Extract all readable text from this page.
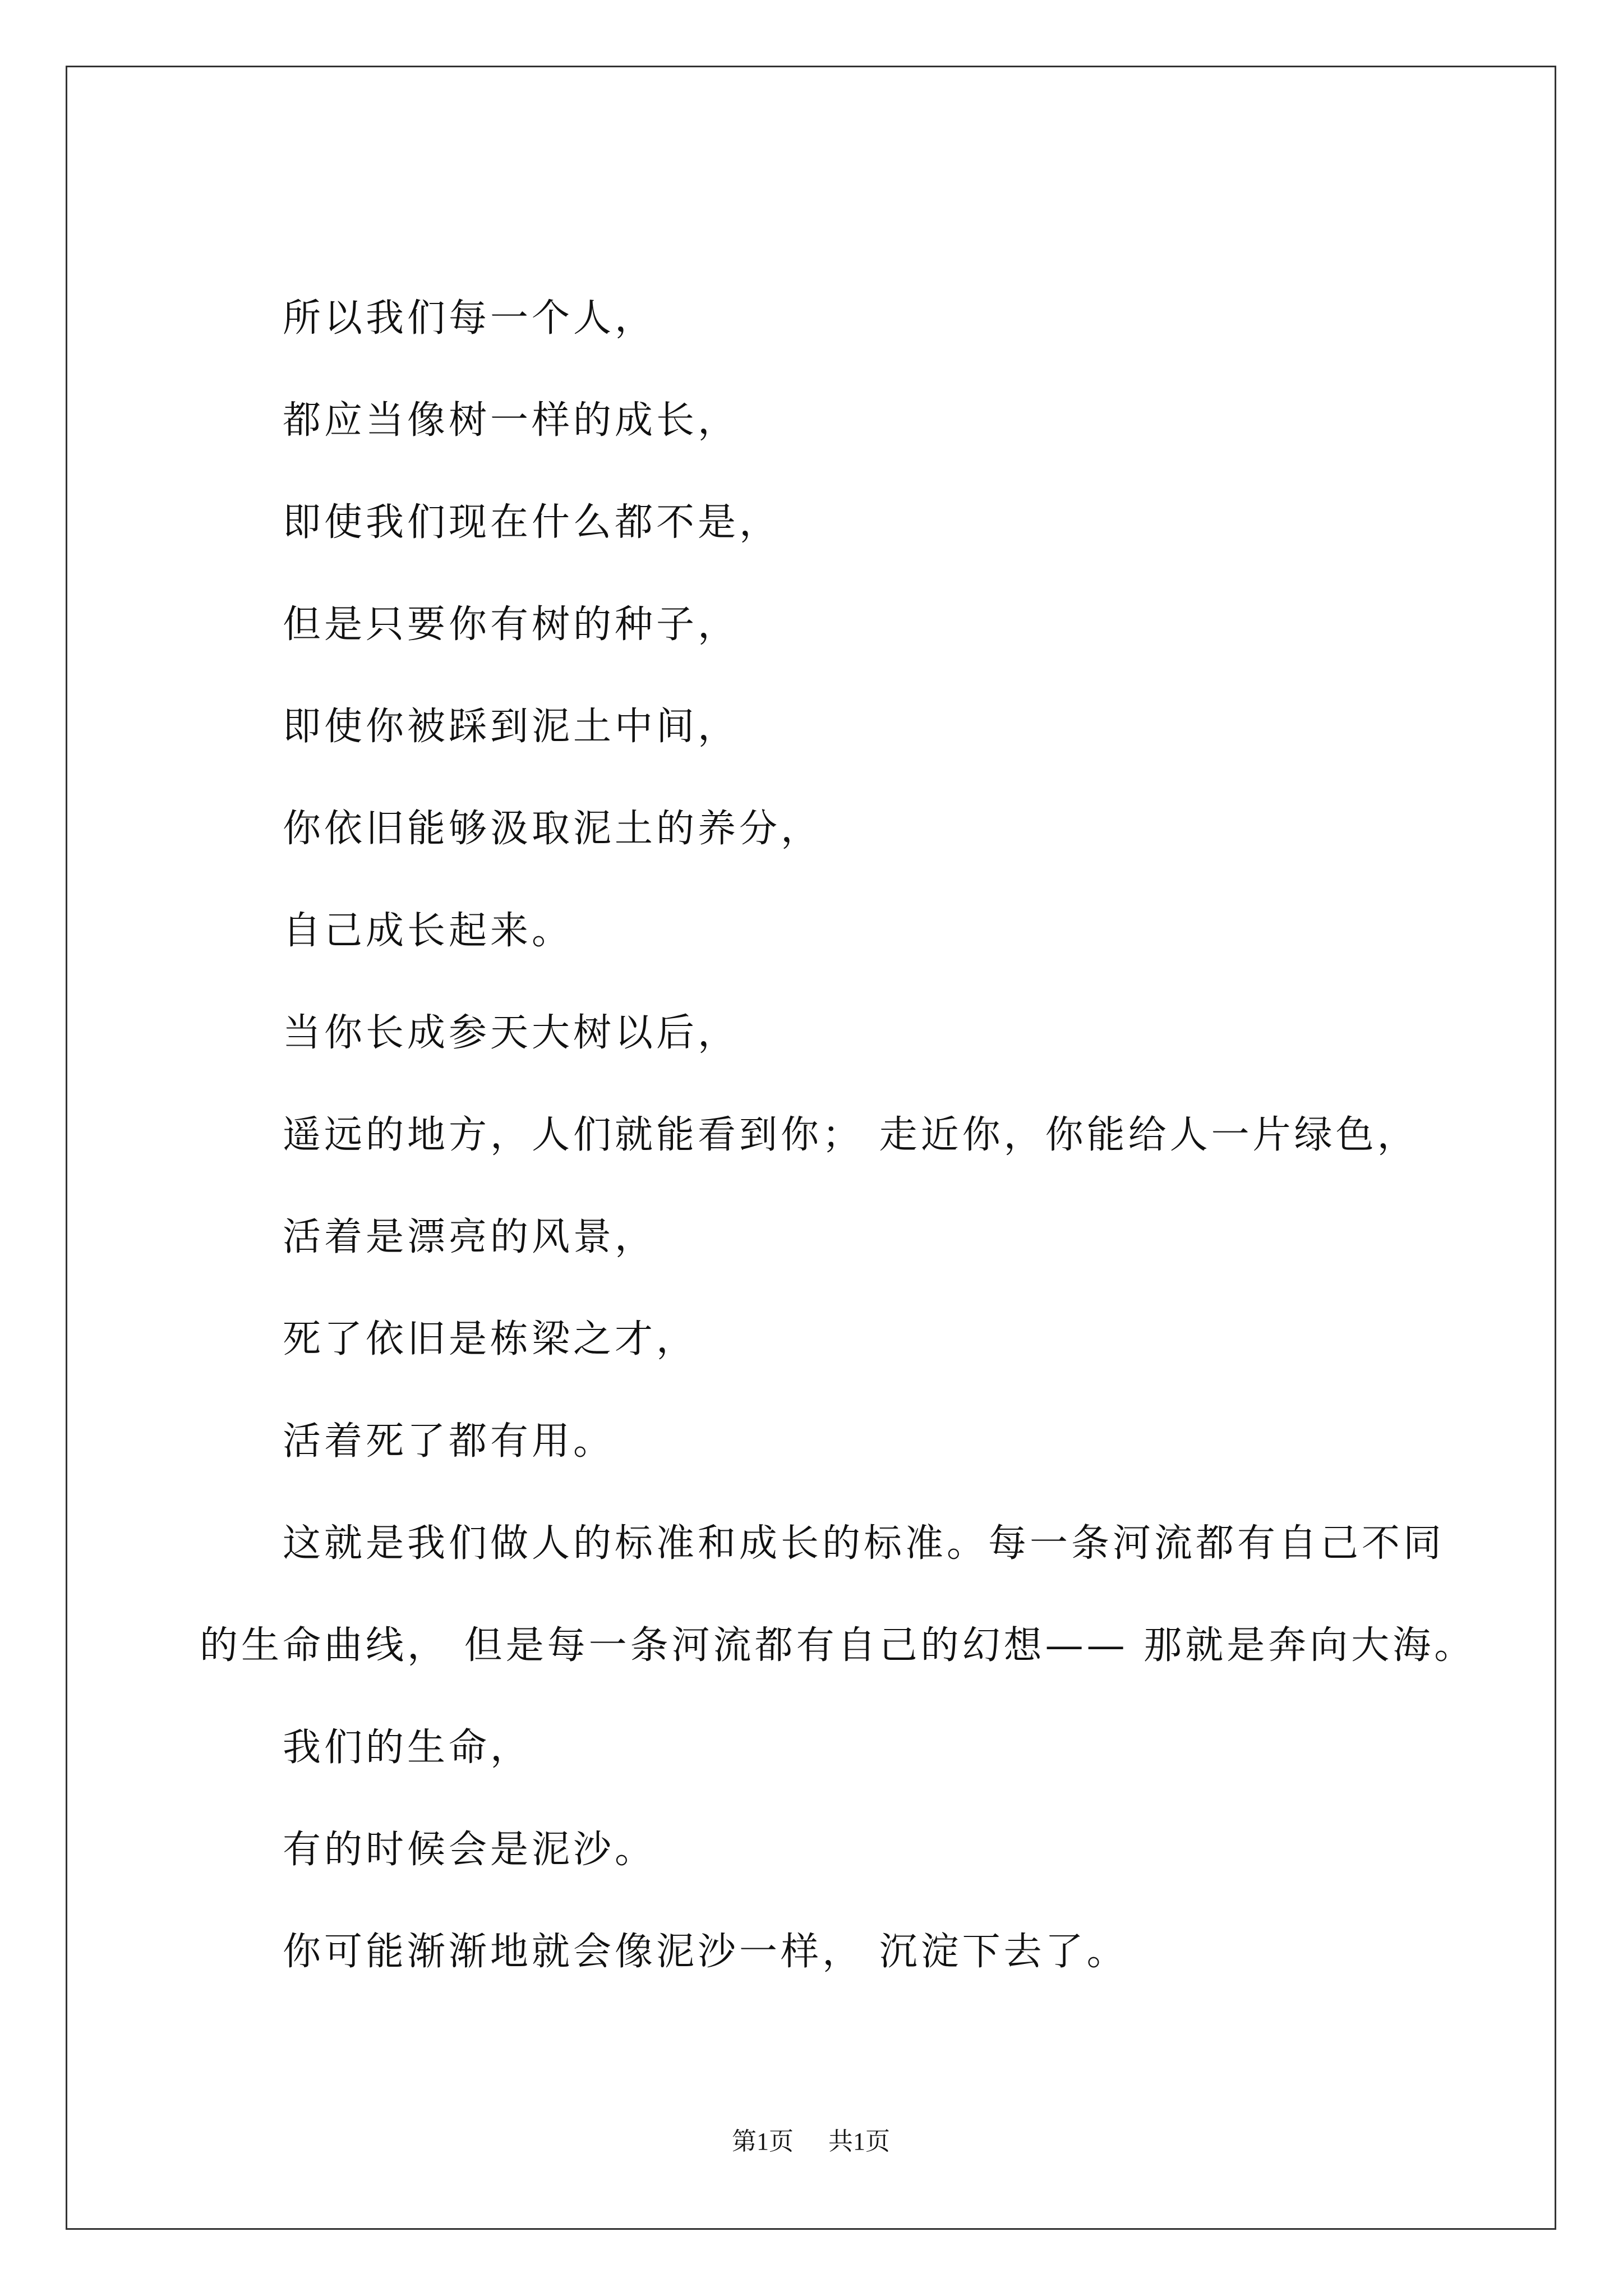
所以我们每一个人，
都应当像树一样的成长，
即使我们现在什么都不是，
但是只要你有树的种子，
即使你被踩到泥土中间，
你依旧能够汲取泥土的养分，
自己成长起来。
当你长成参天大树以后，
遥远的地方，人们就能看到你； 走近你，你能给人一片绿色，
活着是漂亮的风景，
死了依旧是栋梁之才，
活着死了都有用。
这就是我们做人的标准和成长的标准。每一条河流都有自己不同
的生命曲线， 但是每一条河流都有自己的幻想—— 那就是奔向大海。
我们的生命，
有的时候会是泥沙。
你可能渐渐地就会像泥沙一样， 沉淀下去了。
第1页 共1页
